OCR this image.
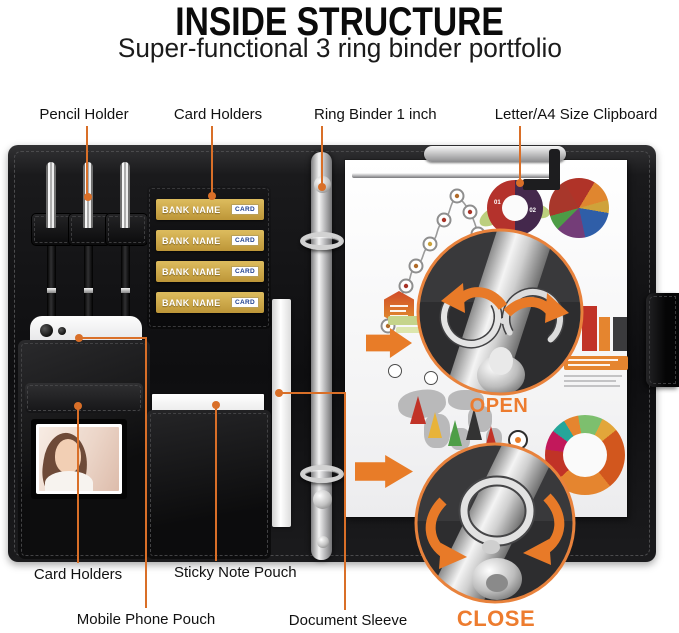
INSIDE STRUCTURE
Super-functional 3 ring binder portfolio
BANK NAME	CARD
BANK NAME	CARD
BANK NAME	CARD
BANK NAME	CARD
01
02
OPEN
CLOSE
Pencil Holder	Card Holders	Ring Binder 1 inch	Letter/A4 Size Clipboard
Card Holders	Sticky Note Pouch
Mobile Phone Pouch	Document Sleeve
